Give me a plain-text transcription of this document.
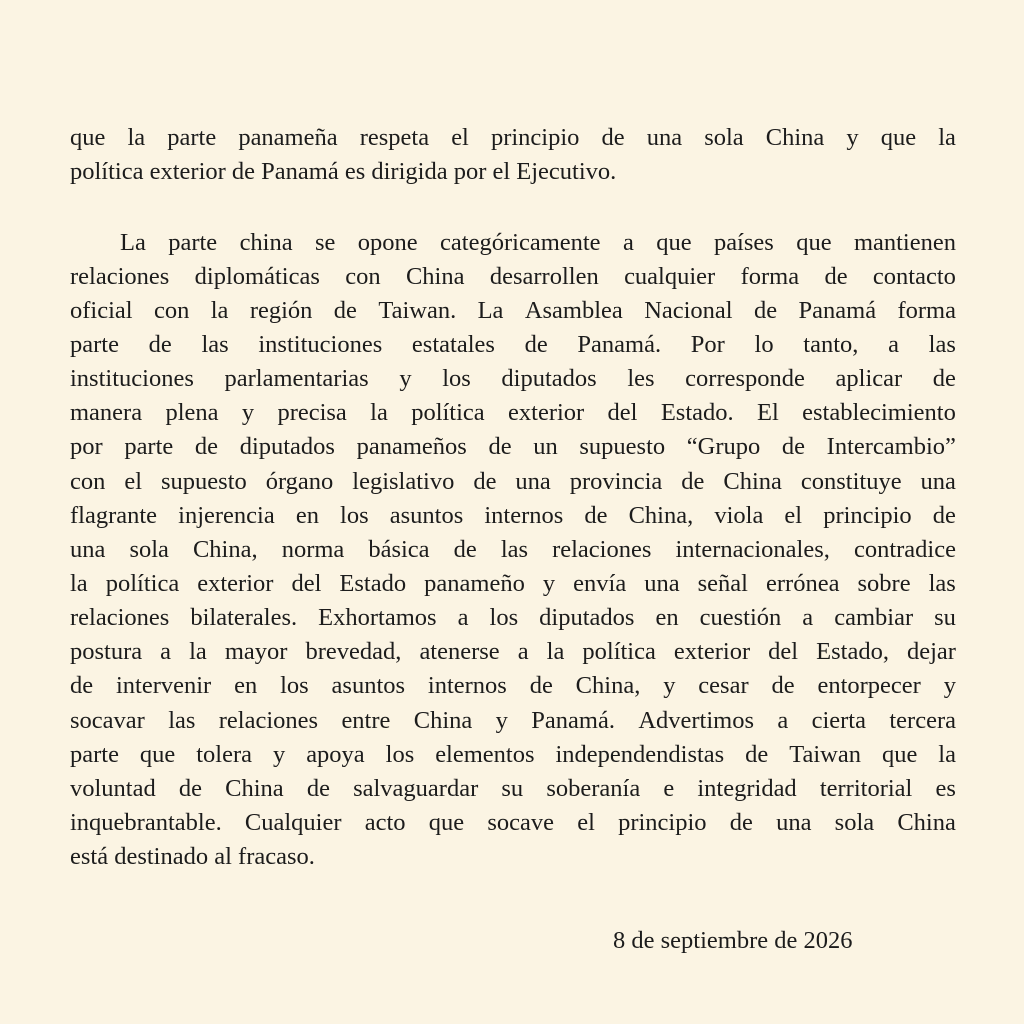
que la parte panameña respeta el principio de una sola China y que la
política exterior de Panamá es dirigida por el Ejecutivo.
La parte china se opone categóricamente a que países que mantienen
relaciones diplomáticas con China desarrollen cualquier forma de contacto
oficial con la región de Taiwan. La Asamblea Nacional de Panamá forma
parte de las instituciones estatales de Panamá. Por lo tanto, a las
instituciones parlamentarias y los diputados les corresponde aplicar de
manera plena y precisa la política exterior del Estado. El establecimiento
por parte de diputados panameños de un supuesto “Grupo de Intercambio”
con el supuesto órgano legislativo de una provincia de China constituye una
flagrante injerencia en los asuntos internos de China, viola el principio de
una sola China, norma básica de las relaciones internacionales, contradice
la política exterior del Estado panameño y envía una señal errónea sobre las
relaciones bilaterales. Exhortamos a los diputados en cuestión a cambiar su
postura a la mayor brevedad, atenerse a la política exterior del Estado, dejar
de intervenir en los asuntos internos de China, y cesar de entorpecer y
socavar las relaciones entre China y Panamá. Advertimos a cierta tercera
parte que tolera y apoya los elementos independendistas de Taiwan que la
voluntad de China de salvaguardar su soberanía e integridad territorial es
inquebrantable. Cualquier acto que socave el principio de una sola China
está destinado al fracaso.
8 de septiembre de 2026
